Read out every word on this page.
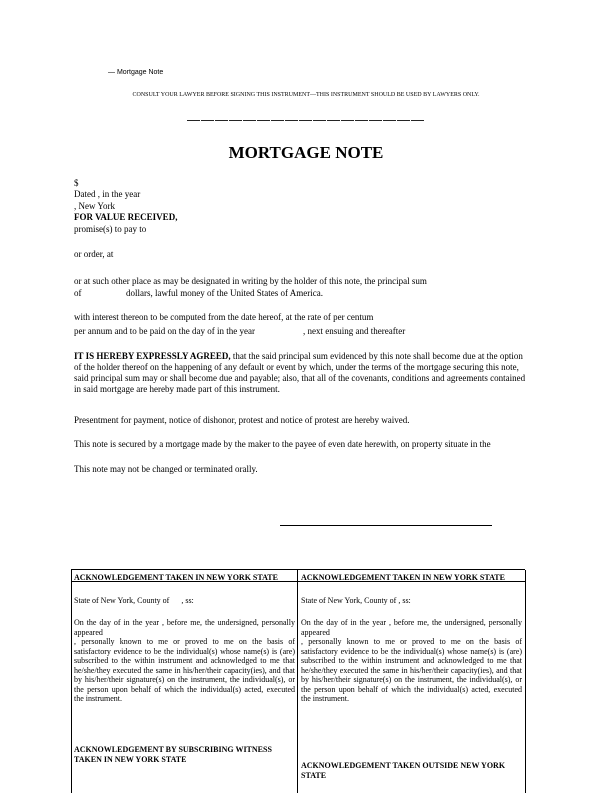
— Mortgage Note
CONSULT YOUR LAWYER BEFORE SIGNING THIS INSTRUMENT—THIS INSTRUMENT SHOULD BE USED BY LAWYERS ONLY.
—————————————————
MORTGAGE NOTE
$
Dated , in the year
, New York
FOR VALUE RECEIVED,
promise(s) to pay to
or order, at
or at such other place as may be designated in writing by the holder of this note, the principal sum
of	dollars, lawful money of the United States of America.
with interest thereon to be computed from the date hereof, at the rate of per centum
per annum and to be paid on the day of in the year	, next ensuing and thereafter
IT IS HEREBY EXPRESSLY AGREED, that the said principal sum evidenced by this note shall become due at the option of the holder thereof on the happening of any default or event by which, under the terms of the mortgage securing this note, said principal sum may or shall become due and payable; also, that all of the covenants, conditions and agreements contained in said mortgage are hereby made part of this instrument.
Presentment for payment, notice of dishonor, protest and notice of protest are hereby waived.
This note is secured by a mortgage made by the maker to the payee of even date herewith, on property situate in the
This note may not be changed or terminated orally.
ACKNOWLEDGEMENT TAKEN IN NEW YORK STATE
State of New York, County of      , ss:
On the day of in the year , before me, the undersigned, personally appeared
, personally known to me or proved to me on the basis of satisfactory evidence to be the individual(s) whose name(s) is (are) subscribed to the within instrument and acknowledged to me that he/she/they executed the same in his/her/their capacity(ies), and that by his/her/their signature(s) on the instrument, the individual(s), or the person upon behalf of which the individual(s) acted, executed the instrument.
ACKNOWLEDGEMENT BY SUBSCRIBING WITNESS TAKEN IN NEW YORK STATE
ACKNOWLEDGEMENT TAKEN IN NEW YORK STATE
State of New York, County of , ss:
On the day of in the year , before me, the undersigned, personally appeared
, personally known to me or proved to me on the basis of satisfactory evidence to be the individual(s) whose name(s) is (are) subscribed to the within instrument and acknowledged to me that he/she/they executed the same in his/her/their capacity(ies), and that by his/her/their signature(s) on the instrument, the individual(s), or the person upon behalf of which the individual(s) acted, executed the instrument.
ACKNOWLEDGEMENT TAKEN OUTSIDE NEW YORK STATE
